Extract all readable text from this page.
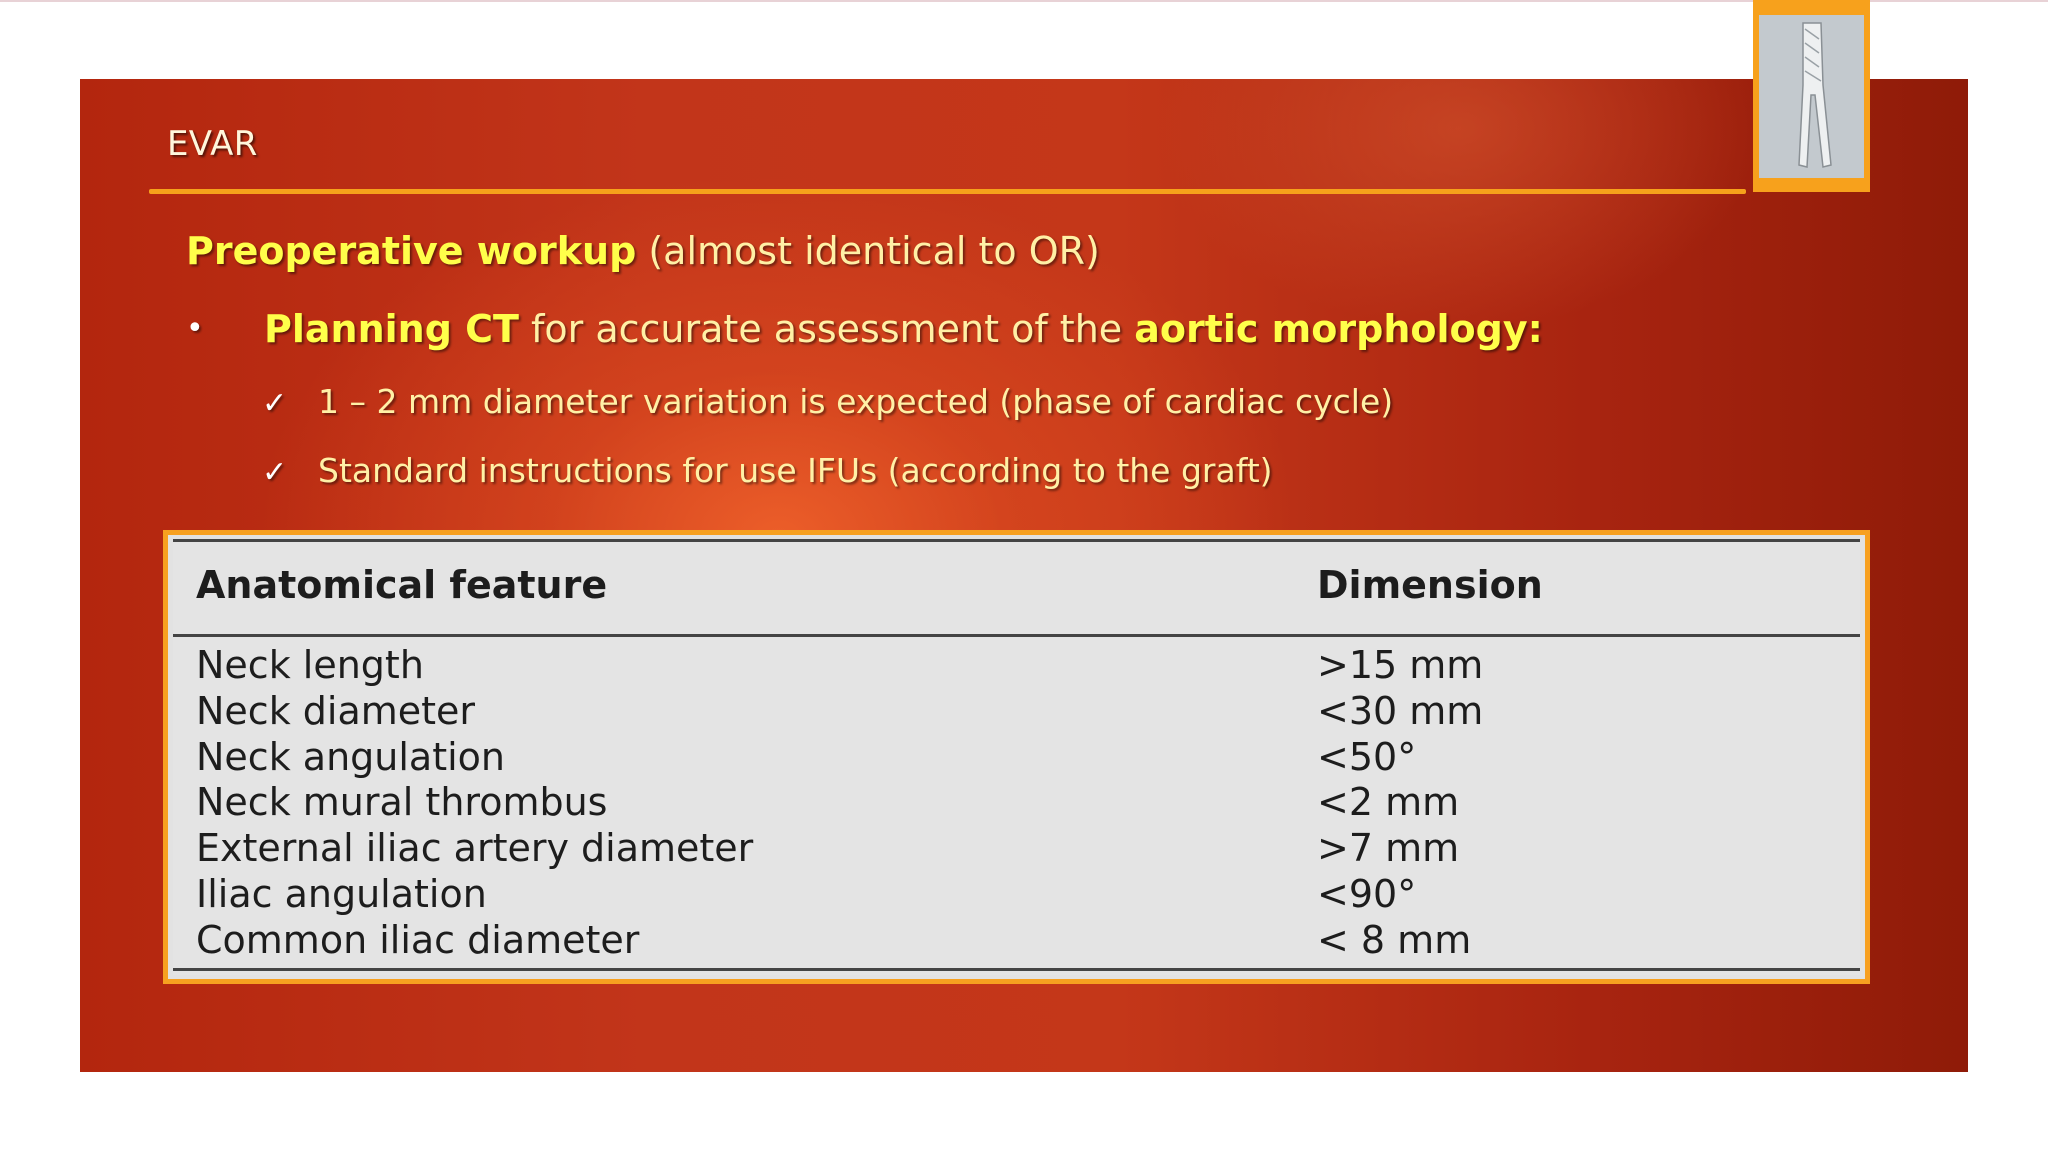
EVAR
Preoperative workup (almost identical to OR)
• Planning CT for accurate assessment of the aortic morphology:
✓ 1 – 2 mm diameter variation is expected (phase of cardiac cycle)
✓ Standard instructions for use IFUs (according to the graft)
Anatomical feature	Dimension
Neck length	>15 mm
Neck diameter	<30 mm
Neck angulation	<50°
Neck mural thrombus	<2 mm
External iliac artery diameter	>7 mm
Iliac angulation	<90°
Common iliac diameter	< 8 mm
